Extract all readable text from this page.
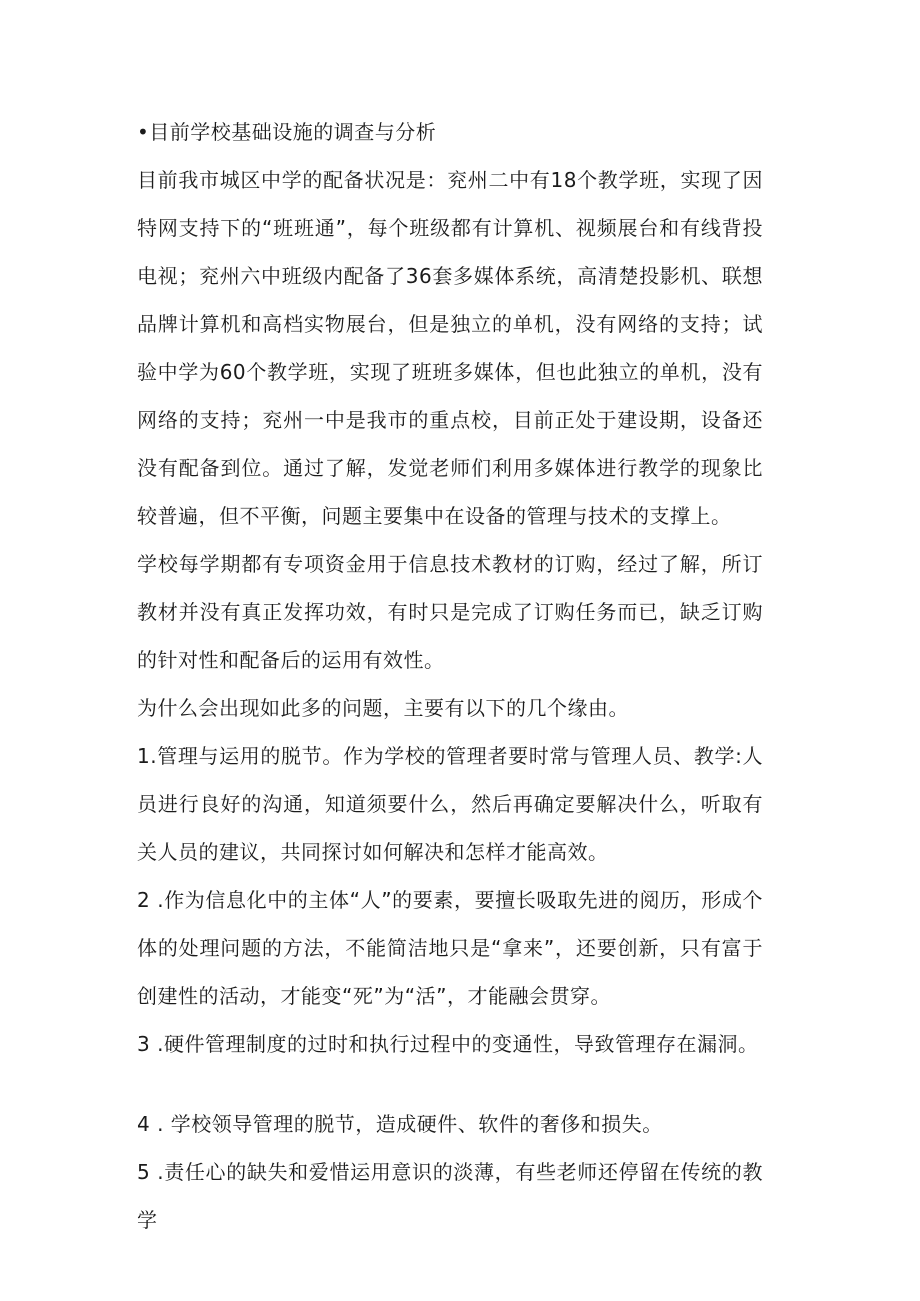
•目前学校基础设施的调查与分析

目前我市城区中学的配备状况是：兖州二中有18个教学班，实现了因特网支持下的“班班通”，每个班级都有计算机、视频展台和有线背投电视；兖州六中班级内配备了36套多媒体系统，高清楚投影机、联想品牌计算机和高档实物展台，但是独立的单机，没有网络的支持；试验中学为60个教学班，实现了班班多媒体，但也此独立的单机，没有网络的支持；兖州一中是我市的重点校，目前正处于建设期，设备还没有配备到位。通过了解，发觉老师们利用多媒体进行教学的现象比较普遍，但不平衡，问题主要集中在设备的管理与技术的支撑上。

学校每学期都有专项资金用于信息技术教材的订购，经过了解，所订教材并没有真正发挥功效，有时只是完成了订购任务而已，缺乏订购的针对性和配备后的运用有效性。

为什么会出现如此多的问题，主要有以下的几个缘由。

1.管理与运用的脱节。作为学校的管理者要时常与管理人员、教学:人员进行良好的沟通，知道须要什么，然后再确定要解决什么，听取有关人员的建议，共同探讨如何解决和怎样才能高效。

2 .作为信息化中的主体“人”的要素，要擅长吸取先进的阅历，形成个体的处理问题的方法，不能简洁地只是“拿来”，还要创新，只有富于创建性的活动，才能变“死”为“活”，才能融会贯穿。

3 .硬件管理制度的过时和执行过程中的变通性，导致管理存在漏洞。

4 . 学校领导管理的脱节，造成硬件、软件的奢侈和损失。

5 .责任心的缺失和爱惜运用意识的淡薄，有些老师还停留在传统的教学
